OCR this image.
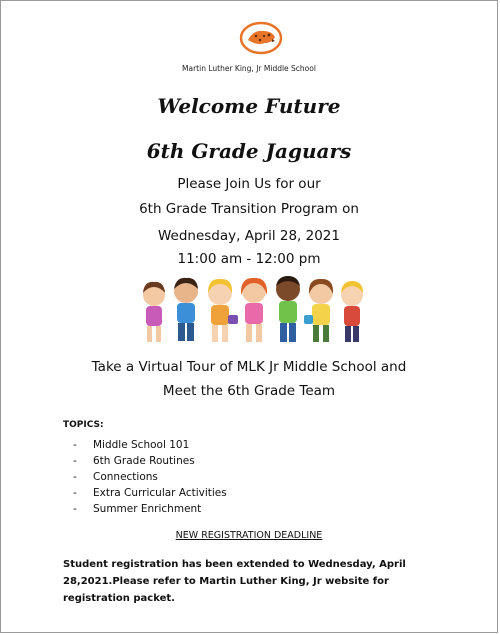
Martin Luther King, Jr Middle School
Welcome Future
6th Grade Jaguars
Please Join Us for our
6th Grade Transition Program on
Wednesday, April 28, 2021
11:00 am - 12:00 pm
Take a Virtual Tour of MLK Jr Middle School and
Meet the 6th Grade Team
TOPICS:
- Middle School 101
- 6th Grade Routines
- Connections
- Extra Curricular Activities
- Summer Enrichment
NEW REGISTRATION DEADLINE
Student registration has been extended to Wednesday, April 28,2021.Please refer to Martin Luther King, Jr website for registration packet.
